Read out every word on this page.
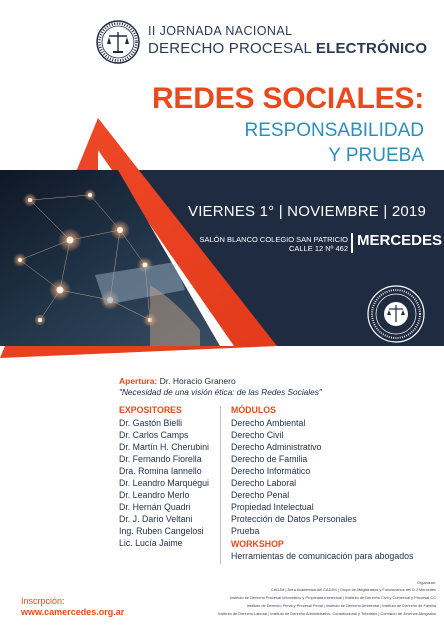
II JORNADA NACIONAL
DERECHO PROCESAL ELECTRÓNICO
REDES SOCIALES:
RESPONSABILIDAD
Y PRUEBA
VIERNES 1° | NOVIEMBRE | 2019
SALÓN BLANCO COLEGIO SAN PATRICIO
CALLE 12 Nº 462 MERCEDES
Apertura: Dr. Horacio Granero
"Necesidad de una visión ética: de las Redes Sociales"
EXPOSITORES
Dr. Gastón Bielli
Dr. Carlos Camps
Dr. Martín H. Cherubini
Dr. Fernando Fiorella
Dra. Romina Iannello
Dr. Leandro Marquégui
Dr. Leandro Merlo
Dr. Hernán Quadri
Dr. J. Darío Veltani
Ing. Ruben Cangelosi
Lic. Lucía Jaime
MÓDULOS
Derecho Ambiental
Derecho Civil
Derecho Administrativo
Derecho de Familia
Derecho Informático
Derecho Laboral
Derecho Penal
Propiedad Intelectual
Protección de Datos Personales
Prueba
WORKSHOP
Herramientas de comunicación para abogados
Inscrpción:
www.camercedes.org.ar
Organizan:
CADJM | Área Académica del CADJM | Grupo de Magistrados y Funcionarios del D.J.Mercedes
Instituto de Derecho Procesal Informático y Propiedad Intelectual | Instituto de Derecho Civil y Comercial y Procesal CC
Instituto de Derecho Penal y Procesal Penal | Instituto de Derecho Ambiental | Instituto de Derecho de Familia
Instituto de Derecho Laboral | Instituto de Derecho Administrativo, Constitucional y Tributario | Comisión de Jóvenes Abogados
